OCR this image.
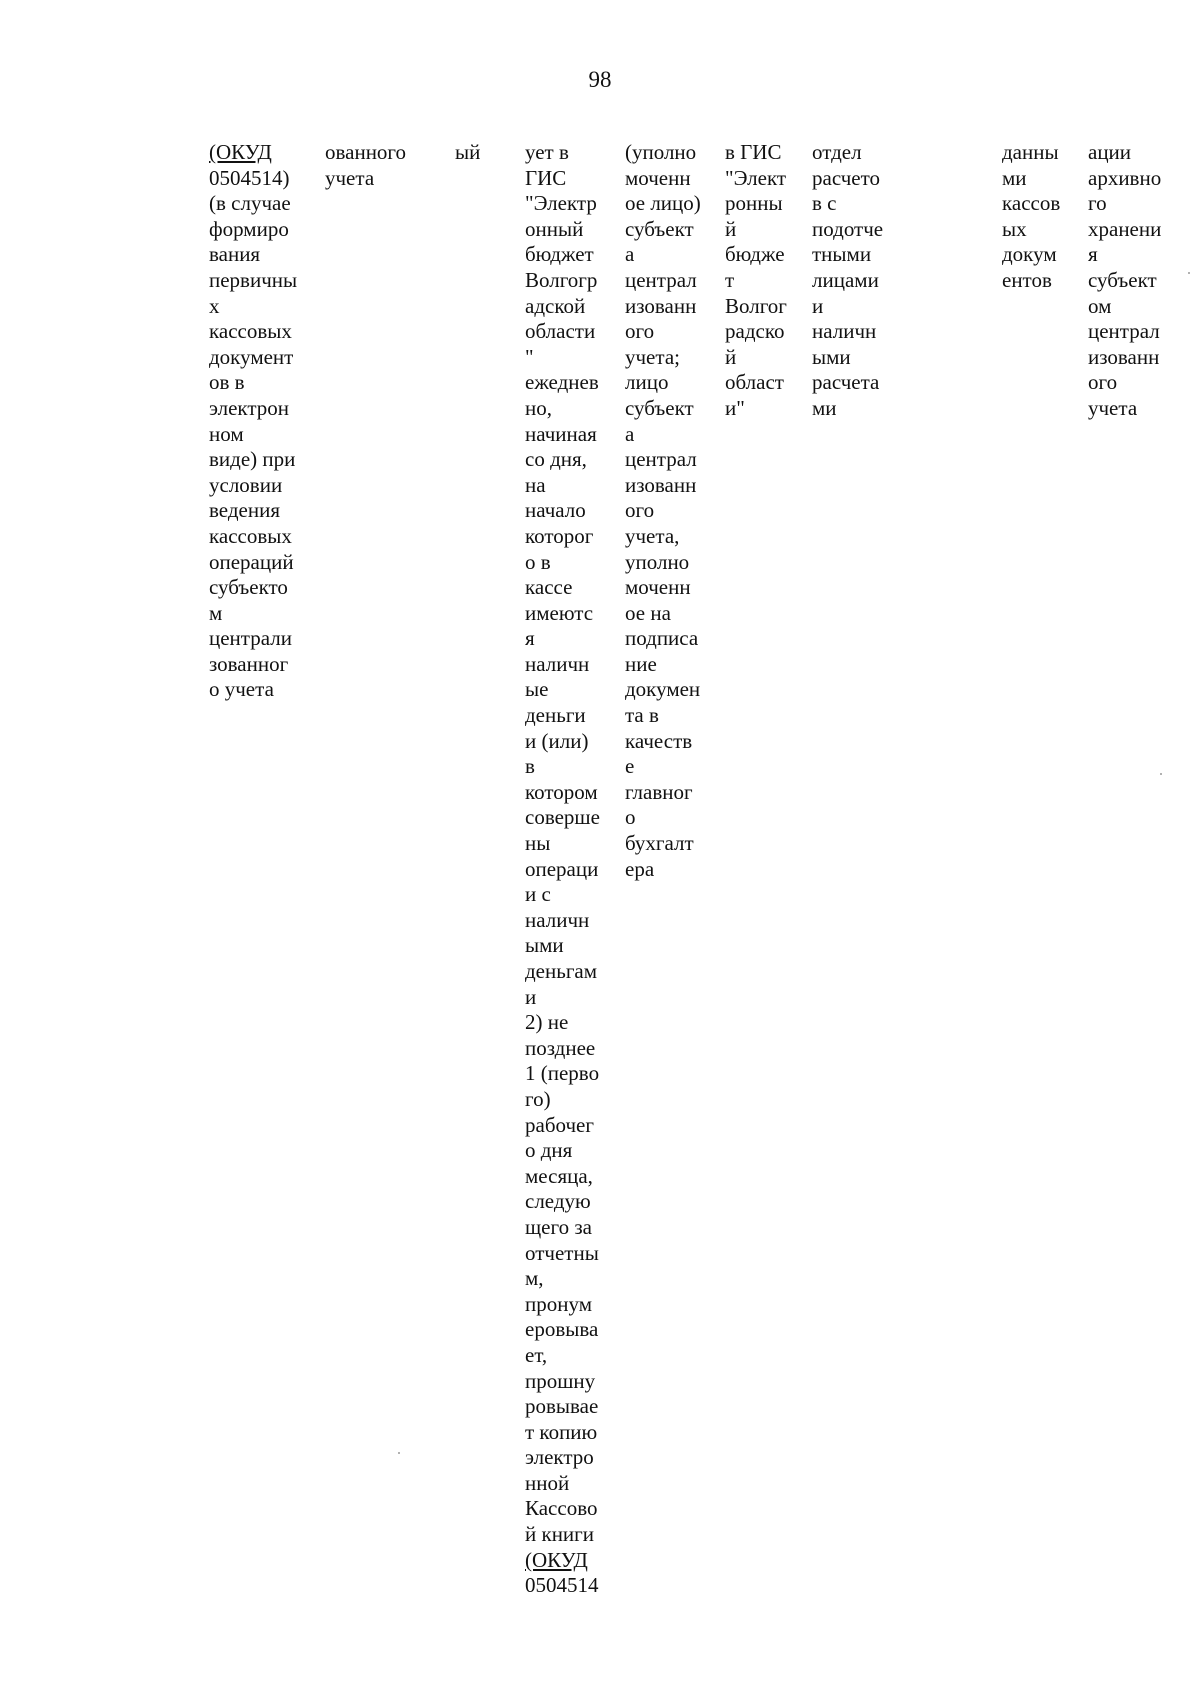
98
(ОКУД
0504514)
(в случае
формиро
вания
первичны
х
кассовых
документ
ов в
электрон
ном
виде) при
условии
ведения
кассовых
операций
субъекто
м
централи
зованног
о учета
ованного
учета
ый ует в
ГИС
"Электр
онный
бюджет
Волгогр
адской
области
"
ежеднев
но,
начиная
со дня,
на
начало
которог
о в
кассе
имеютс
я
наличн
ые
деньги
и (или)
в
котором
соверше
ны
оперaци
и с
наличн
ыми
деньгам
и
2) не
позднее
1 (перво
го)
рабочег
о дня
месяца,
следую
щего за
отчетны
м,
пронум
еровыва
ет,
прошну
ровывае
т копию
электро
нной
Кассово
й книги
(ОКУД
0504514
(уполно
моченн
ое лицо)
субъект
а
централ
изованн
ого
учета;
лицо
субъект
а
централ
изованн
ого
учета,
уполно
моченн
ое на
подписа
ние
докумен
та в
качеств
е
главног
о
бухгалт
ера
в ГИС
"Элект
ронны
й
бюдже
т
Волгог
радско
й
област
и"
отдел
расчето
в с
подотче
тными
лицами
и
наличн
ыми
расчета
ми
данны
ми
кассов
ых
докум
ентов
ации
архивно
го
хранени
я
субъект
ом
централ
изованн
ого
учета
